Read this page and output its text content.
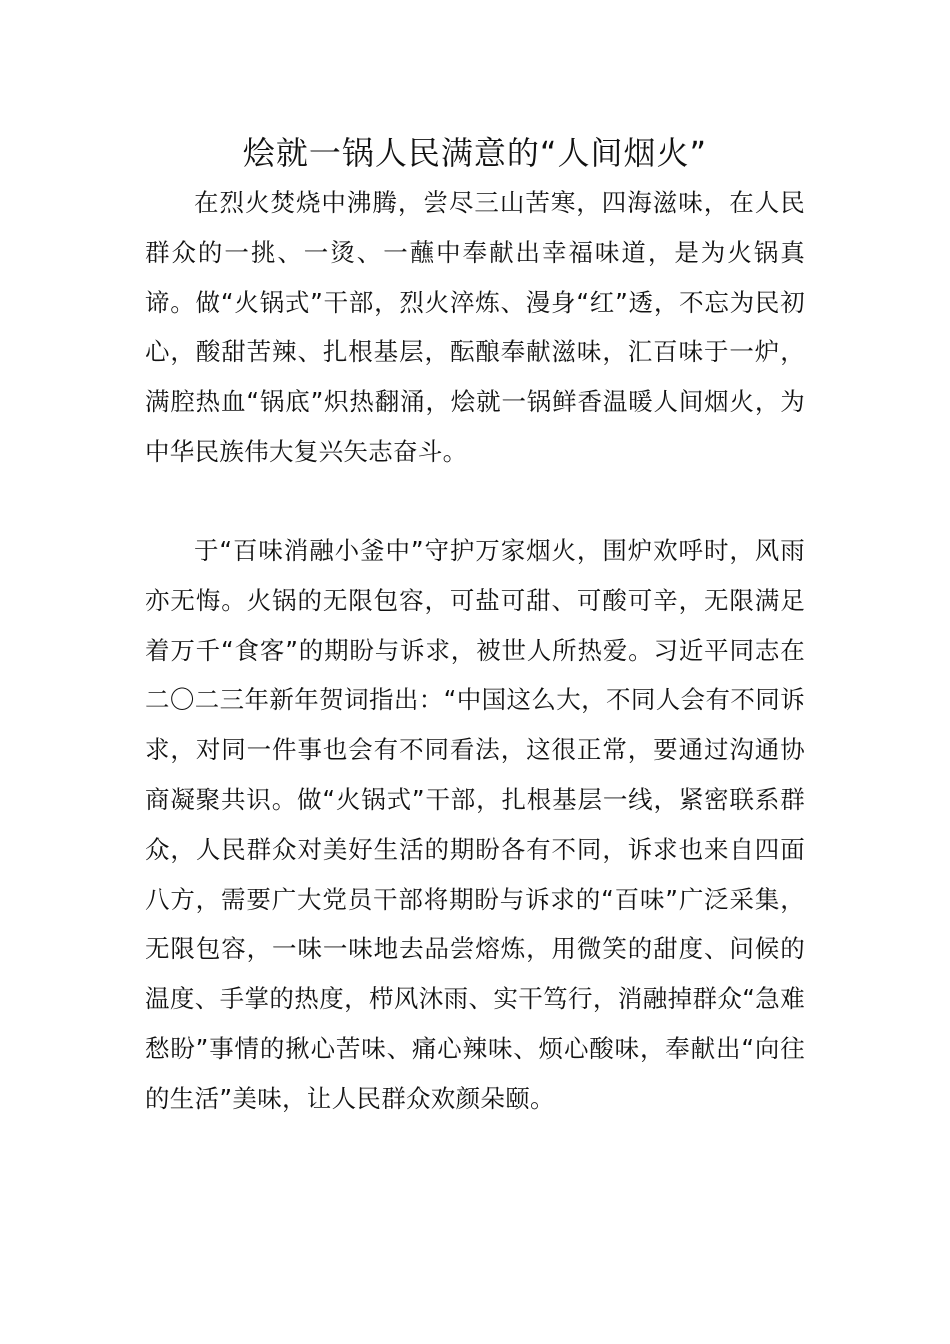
烩就一锅人民满意的“人间烟火”

在烈火焚烧中沸腾，尝尽三山苦寒，四海滋味，在人民群众的一挑、一烫、一蘸中奉献出幸福味道，是为火锅真谛。做“火锅式”干部，烈火淬炼、漫身“红”透，不忘为民初心，酸甜苦辣、扎根基层，酝酿奉献滋味，汇百味于一炉，满腔热血“锅底”炽热翻涌，烩就一锅鲜香温暖人间烟火，为中华民族伟大复兴矢志奋斗。

于“百味消融小釜中”守护万家烟火，围炉欢呼时，风雨亦无悔。火锅的无限包容，可盐可甜、可酸可辛，无限满足着万千“食客”的期盼与诉求，被世人所热爱。习近平同志在二〇二三年新年贺词指出：“中国这么大，不同人会有不同诉求，对同一件事也会有不同看法，这很正常，要通过沟通协商凝聚共识。做“火锅式”干部，扎根基层一线，紧密联系群众，人民群众对美好生活的期盼各有不同，诉求也来自四面八方，需要广大党员干部将期盼与诉求的“百味”广泛采集，无限包容，一味一味地去品尝熔炼，用微笑的甜度、问候的温度、手掌的热度，栉风沐雨、实干笃行，消融掉群众“急难愁盼”事情的揪心苦味、痛心辣味、烦心酸味，奉献出“向往的生活”美味，让人民群众欢颜朵颐。
